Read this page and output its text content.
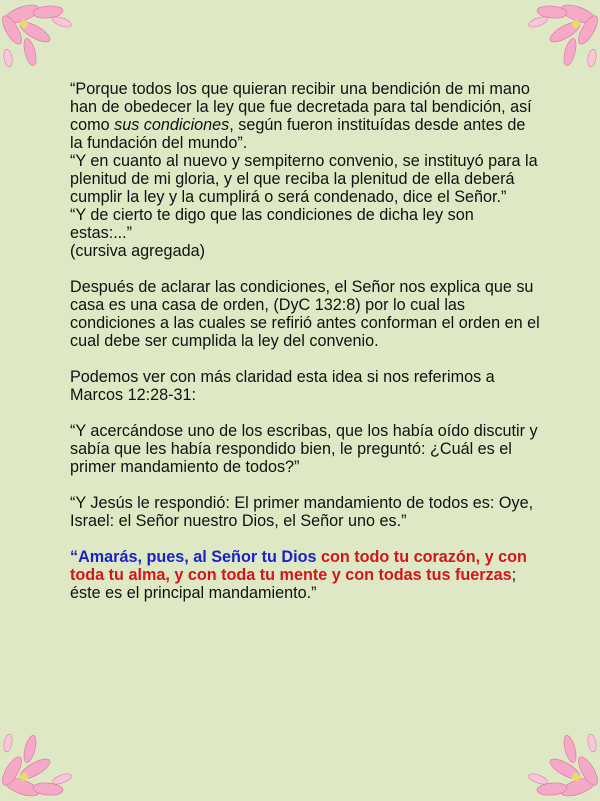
“Porque todos los que quieran recibir una bendición de mi mano han de obedecer la ley que fue decretada para tal bendición, así como sus condiciones, según fueron instituídas desde antes de la fundación del mundo”.

“Y en cuanto al nuevo y sempiterno convenio, se instituyó para la plenitud de mi gloria, y el que reciba la plenitud de ella deberá cumplir la ley y la cumplirá o será condenado, dice el Señor.”

“Y de cierto te digo que las condiciones de dicha ley son estas:...”

(cursiva agregada)

Después de aclarar las condiciones, el Señor nos explica que su casa es una casa de orden, (DyC 132:8) por lo cual las condiciones a las cuales se refirió antes conforman el orden en el cual debe ser cumplida la ley del convenio.

Podemos ver con más claridad esta idea si nos referimos a Marcos 12:28-31:

“Y acercándose uno de los escribas, que los había oído discutir y sabía que les había respondido bien, le preguntó: ¿Cuál es el primer mandamiento de todos?”

“Y Jesús le respondió: El primer mandamiento de todos es: Oye, Israel: el Señor nuestro Dios, el Señor uno es.”

“Amarás, pues, al Señor tu Dios con todo tu corazón, y con toda tu alma, y con toda tu mente y con todas tus fuerzas; éste es el principal mandamiento.”
